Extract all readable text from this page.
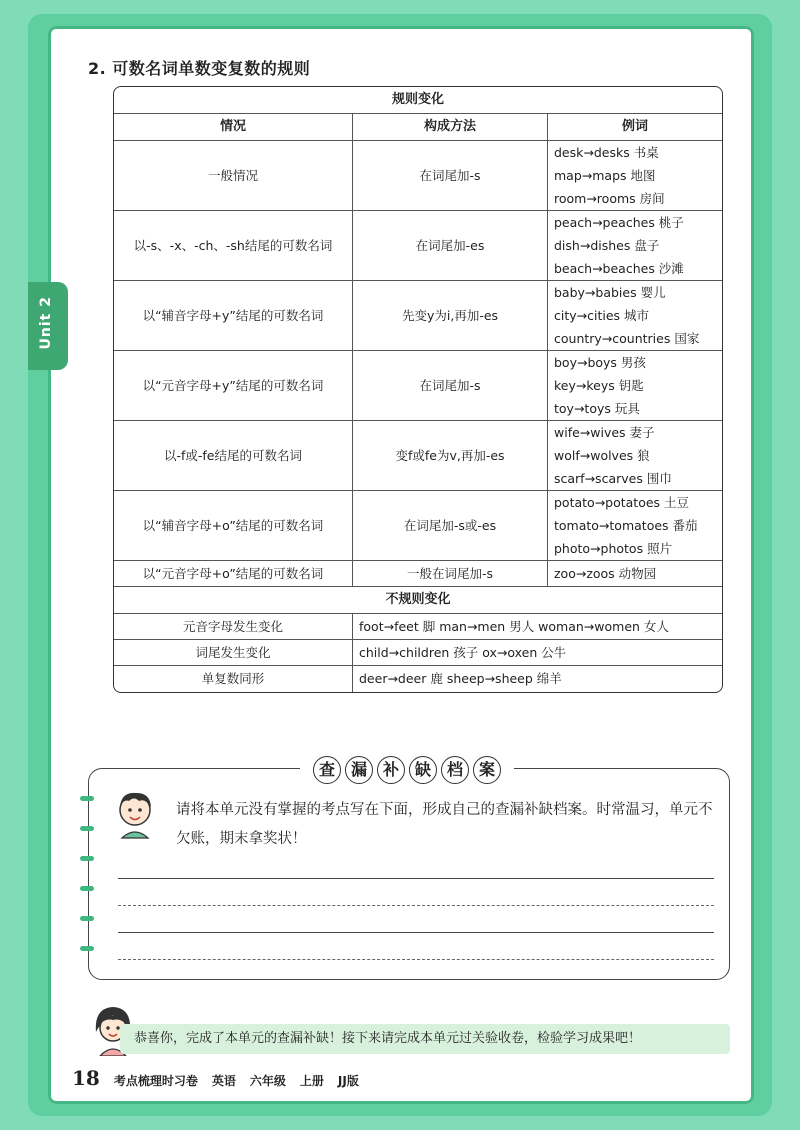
Unit 2
2. 可数名词单数变复数的规则
规则变化		
情况	构成方法	例词
一般情况	在词尾加-s	desk→desks 书桌
map→maps 地图
room→rooms 房间

以-s、-x、-ch、-sh结尾的可数名词	在词尾加-es	peach→peaches 桃子
dish→dishes 盘子
beach→beaches 沙滩

以“辅音字母+y”结尾的可数名词	先变y为i,再加-es	baby→babies 婴儿
city→cities 城市
country→countries 国家

以“元音字母+y”结尾的可数名词	在词尾加-s	boy→boys 男孩
key→keys 钥匙
toy→toys 玩具

以-f或-fe结尾的可数名词	变f或fe为v,再加-es	wife→wives 妻子
wolf→wolves 狼
scarf→scarves 围巾

以“辅音字母+o”结尾的可数名词	在词尾加-s或-es	potato→potatoes 土豆
tomato→tomatoes 番茄
photo→photos 照片

以“元音字母+o”结尾的可数名词	一般在词尾加-s	zoo→zoos 动物园

不规则变化		
元音字母发生变化	foot→feet 脚 man→men 男人 woman→women 女人	
词尾发生变化	child→children 孩子 ox→oxen 公牛	
单复数同形	deer→deer 鹿 sheep→sheep 绵羊	
查 漏 补 缺 档 案
请将本单元没有掌握的考点写在下面，形成自己的查漏补缺档案。时常温习，单元不欠账，期末拿奖状！
恭喜你，完成了本单元的查漏补缺！接下来请完成本单元过关验收卷，检验学习成果吧！
18 考点梳理时习卷 英语 六年级 上册 JJ版
